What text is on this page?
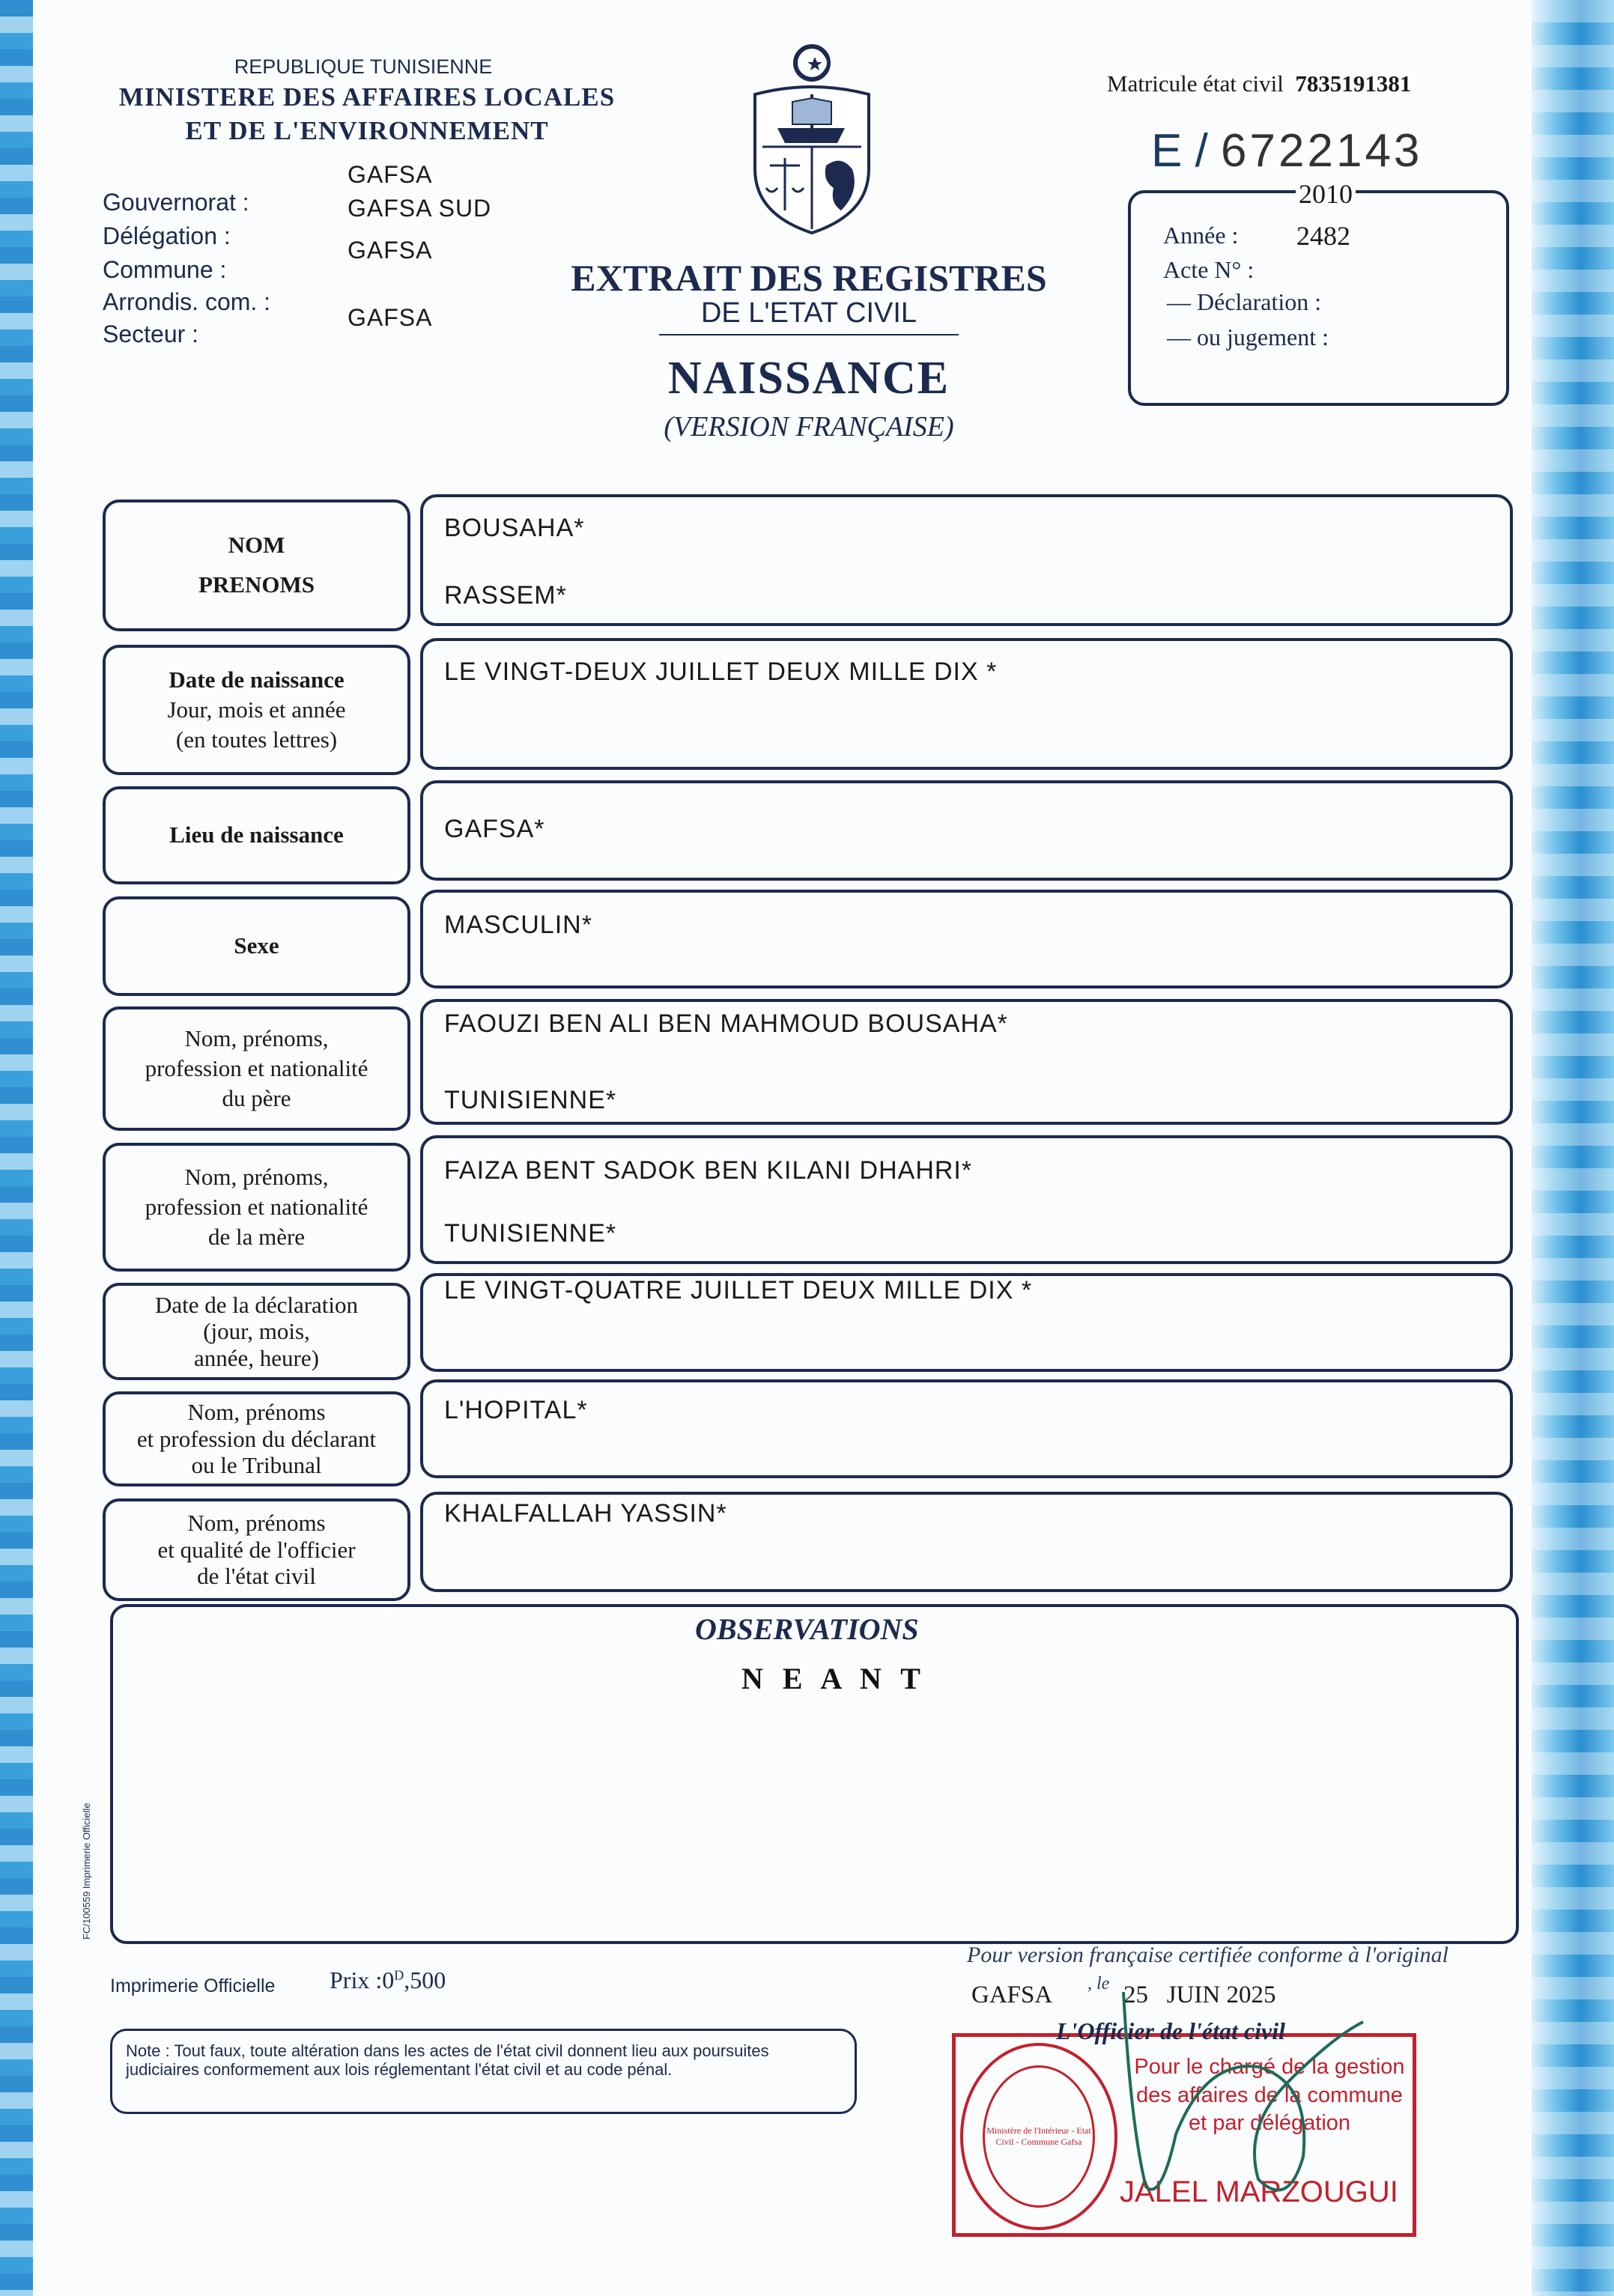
REPUBLIQUE TUNISIENNE
MINISTERE DES AFFAIRES LOCALES
ET DE L'ENVIRONNEMENT
Gouvernorat :
Délégation :
Commune :
Arrondis. com. :
Secteur :
GAFSA
GAFSA SUD
GAFSA
GAFSA
EXTRAIT DES REGISTRES
DE L'ETAT CIVIL
NAISSANCE
(VERSION FRANÇAISE)
Matricule état civil 7835191381
E / 6722143
2010
Année : 2482
Acte N° :
— Déclaration :
— ou jugement :
NOM
PRENOMS
BOUSAHA*
RASSEM*
Date de naissance
Jour, mois et année
(en toutes lettres)
LE VINGT-DEUX JUILLET DEUX MILLE DIX *
Lieu de naissance	GAFSA*
Sexe
MASCULIN*
Nom, prénoms,
profession et nationalité
du père
FAOUZI BEN ALI BEN MAHMOUD BOUSAHA*
TUNISIENNE*
Nom, prénoms,
profession et nationalité
de la mère
FAIZA BENT SADOK BEN KILANI DHAHRI*
TUNISIENNE*
Date de la déclaration
(jour, mois,
année, heure)
LE VINGT-QUATRE JUILLET DEUX MILLE DIX *
Nom, prénoms
et profession du déclarant
ou le Tribunal
L'HOPITAL*
Nom, prénoms
et qualité de l'officier
de l'état civil
KHALFALLAH YASSIN*
OBSERVATIONS
N E A N T
FC/100559 Imprimerie Officielle
Imprimerie Officielle Prix $:0^D,500$
Note : Tout faux, toute altération dans les actes de l'état civil donnent lieu aux poursuites judiciaires conformement aux lois réglementant l'état civil et au code pénal.
Pour version française certifiée conforme à l'original
GAFSA , le 25   JUIN 2025
L'Officier de l'état civil
Ministère de l'Intérieur - Etat Civil - Commune Gafsa
Pour le chargé de la gestion
des affaires de la commune
et par délégation
JALEL MARZOUGUI
